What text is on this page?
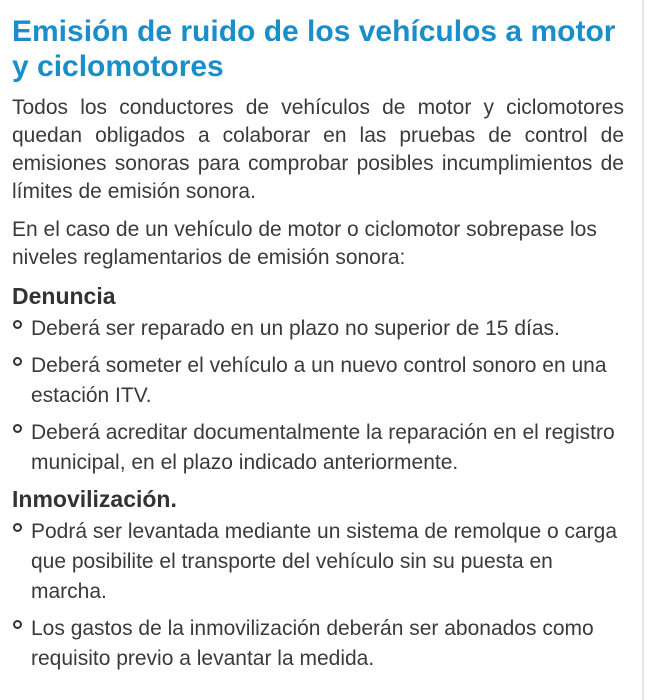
Emisión de ruido de los vehículos a motor y ciclomotores

Todos los conductores de vehículos de motor y ciclomotores quedan obligados a colaborar en las pruebas de control de emisiones sonoras para comprobar posibles incumplimientos de límites de emisión sonora.

En el caso de un vehículo de motor o ciclomotor sobrepase los niveles reglamentarios de emisión sonora:

Denuncia
Deberá ser reparado en un plazo no superior de 15 días.
Deberá someter el vehículo a un nuevo control sonoro en una estación ITV.
Deberá acreditar documentalmente la reparación en el registro municipal, en el plazo indicado anteriormente.
Inmovilización.
Podrá ser levantada mediante un sistema de remolque o carga que posibilite el transporte del vehículo sin su puesta en marcha.
Los gastos de la inmovilización deberán ser abonados como requisito previo a levantar la medida.
